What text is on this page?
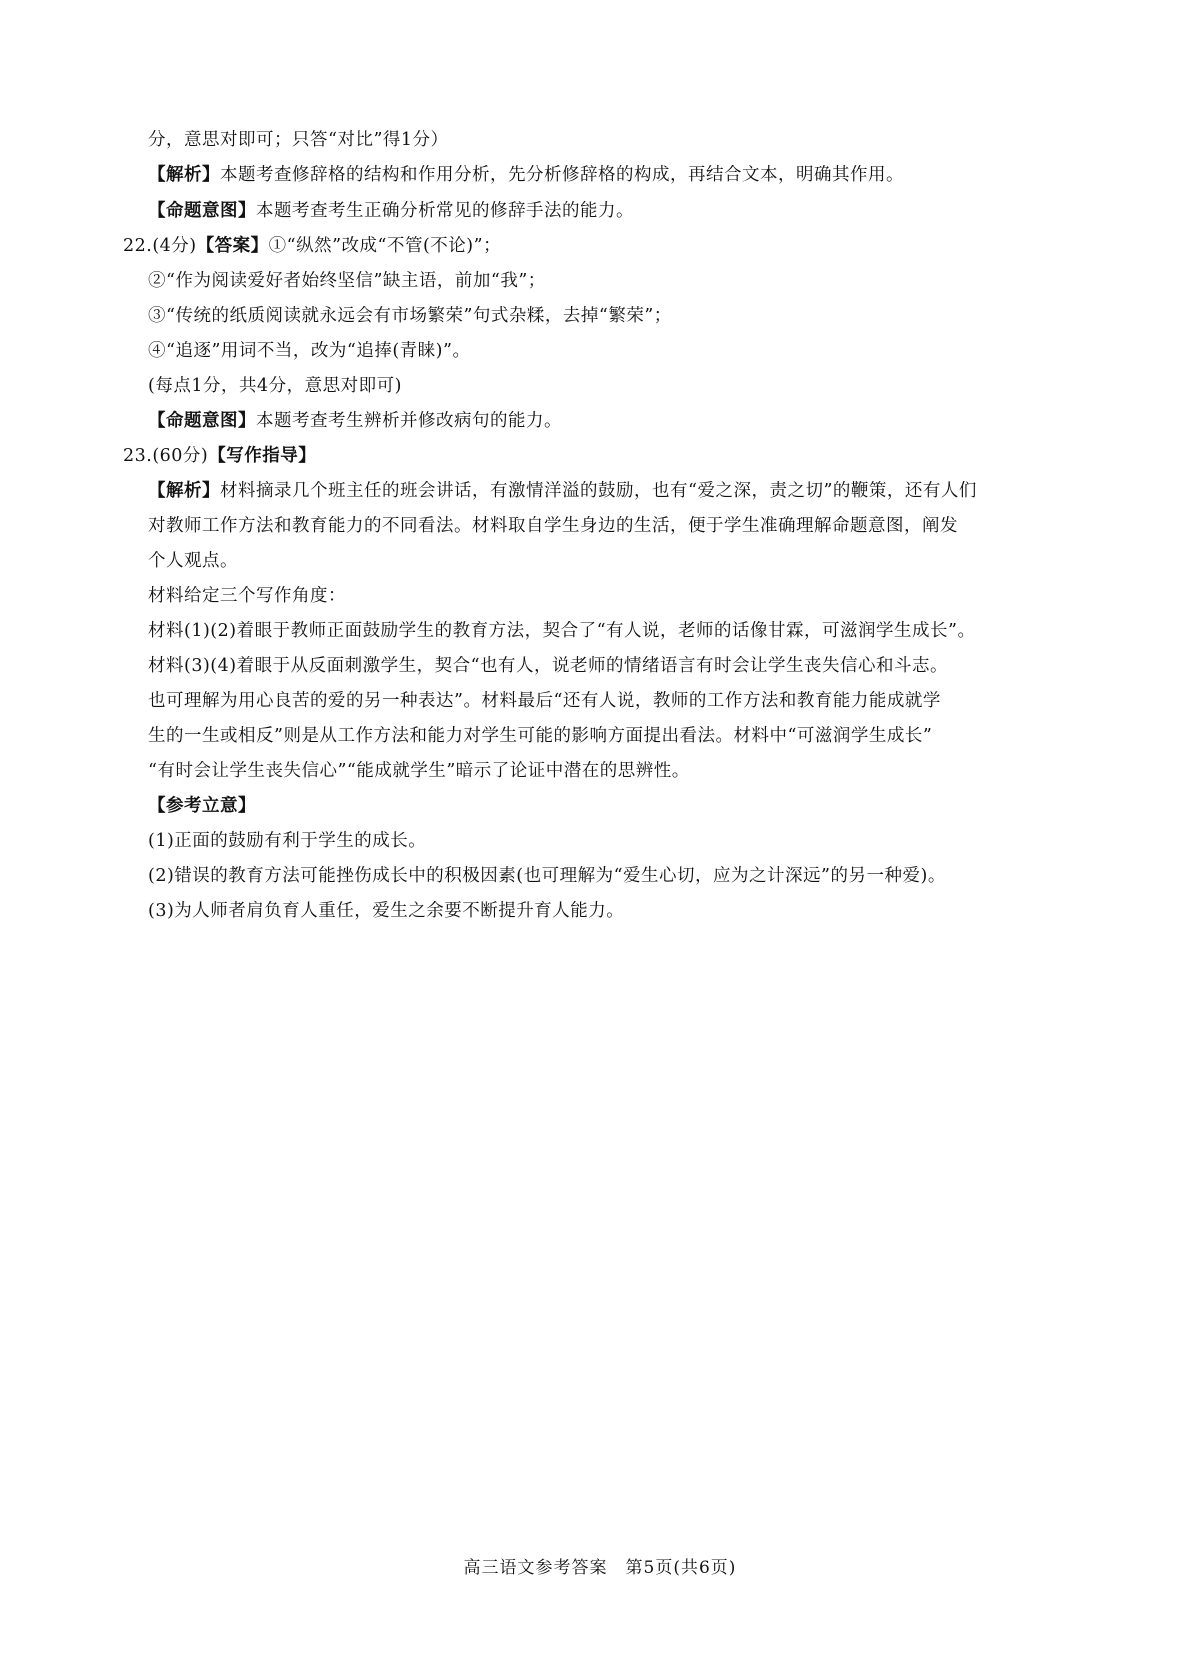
分，意思对即可；只答“对比”得1分）
【解析】本题考查修辞格的结构和作用分析，先分析修辞格的构成，再结合文本，明确其作用。
【命题意图】本题考查考生正确分析常见的修辞手法的能力。
22.(4分)【答案】①“纵然”改成“不管(不论)”；
②“作为阅读爱好者始终坚信”缺主语，前加“我”；
③“传统的纸质阅读就永远会有市场繁荣”句式杂糅，去掉“繁荣”；
④“追逐”用词不当，改为“追捧(青睐)”。
(每点1分，共4分，意思对即可)
【命题意图】本题考查考生辨析并修改病句的能力。
23.(60分)【写作指导】
【解析】材料摘录几个班主任的班会讲话，有激情洋溢的鼓励，也有“爱之深，责之切”的鞭策，还有人们
对教师工作方法和教育能力的不同看法。材料取自学生身边的生活，便于学生准确理解命题意图，阐发
个人观点。
材料给定三个写作角度：
材料(1)(2)着眼于教师正面鼓励学生的教育方法，契合了“有人说，老师的话像甘霖，可滋润学生成长”。
材料(3)(4)着眼于从反面刺激学生，契合“也有人，说老师的情绪语言有时会让学生丧失信心和斗志。
也可理解为用心良苦的爱的另一种表达”。材料最后“还有人说，教师的工作方法和教育能力能成就学
生的一生或相反”则是从工作方法和能力对学生可能的影响方面提出看法。材料中“可滋润学生成长”
“有时会让学生丧失信心”“能成就学生”暗示了论证中潜在的思辨性。
【参考立意】
(1)正面的鼓励有利于学生的成长。
(2)错误的教育方法可能挫伤成长中的积极因素(也可理解为“爱生心切，应为之计深远”的另一种爱)。
(3)为人师者肩负育人重任，爱生之余要不断提升育人能力。
高三语文参考答案　第5页(共6页)
